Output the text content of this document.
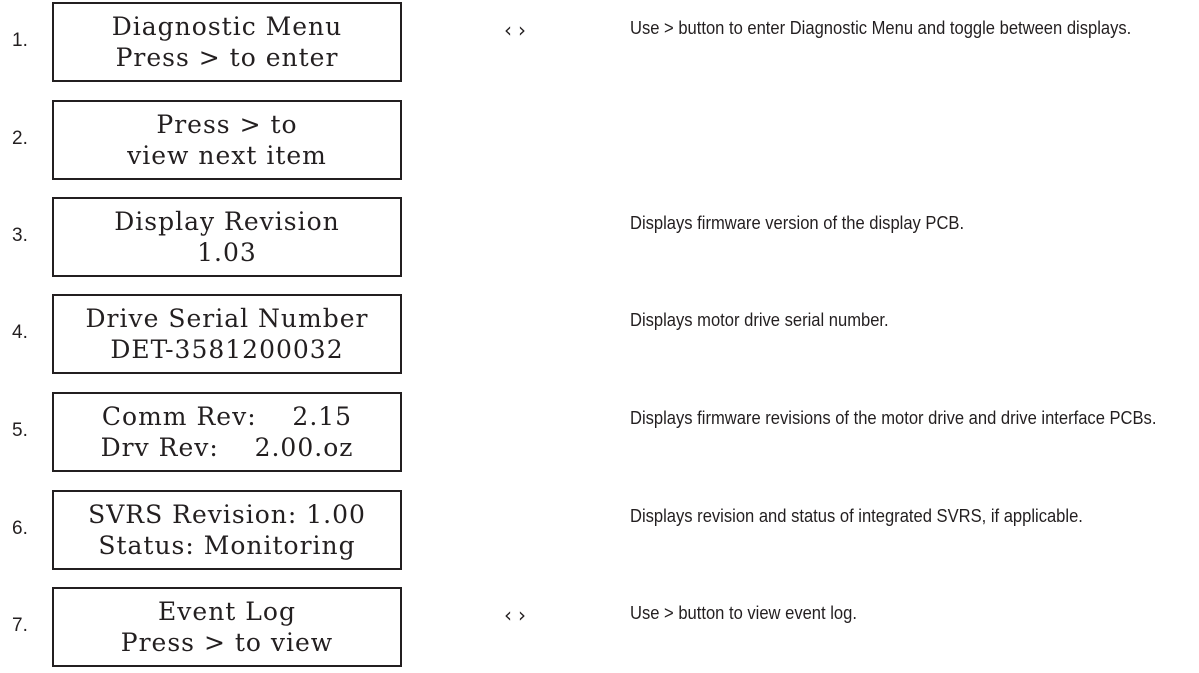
1.	Diagnostic Menu
Press > to enter
‹›	Use > button to enter Diagnostic Menu and toggle between displays.
2.	Press > to
view next item
3.	Display Revision
1.03
Displays firmware version of the display PCB.
4. Drive Serial Number
DET-3581200032
Displays motor drive serial number.
5.	Comm Rev:    2.15
Drv Rev:    2.00.oz
Displays firmware revisions of the motor drive and drive interface PCBs.
6. SVRS Revision: 1.00
Status: Monitoring
Displays revision and status of integrated SVRS, if applicable.
7.	Event Log
Press > to view
‹›	Use > button to view event log.
